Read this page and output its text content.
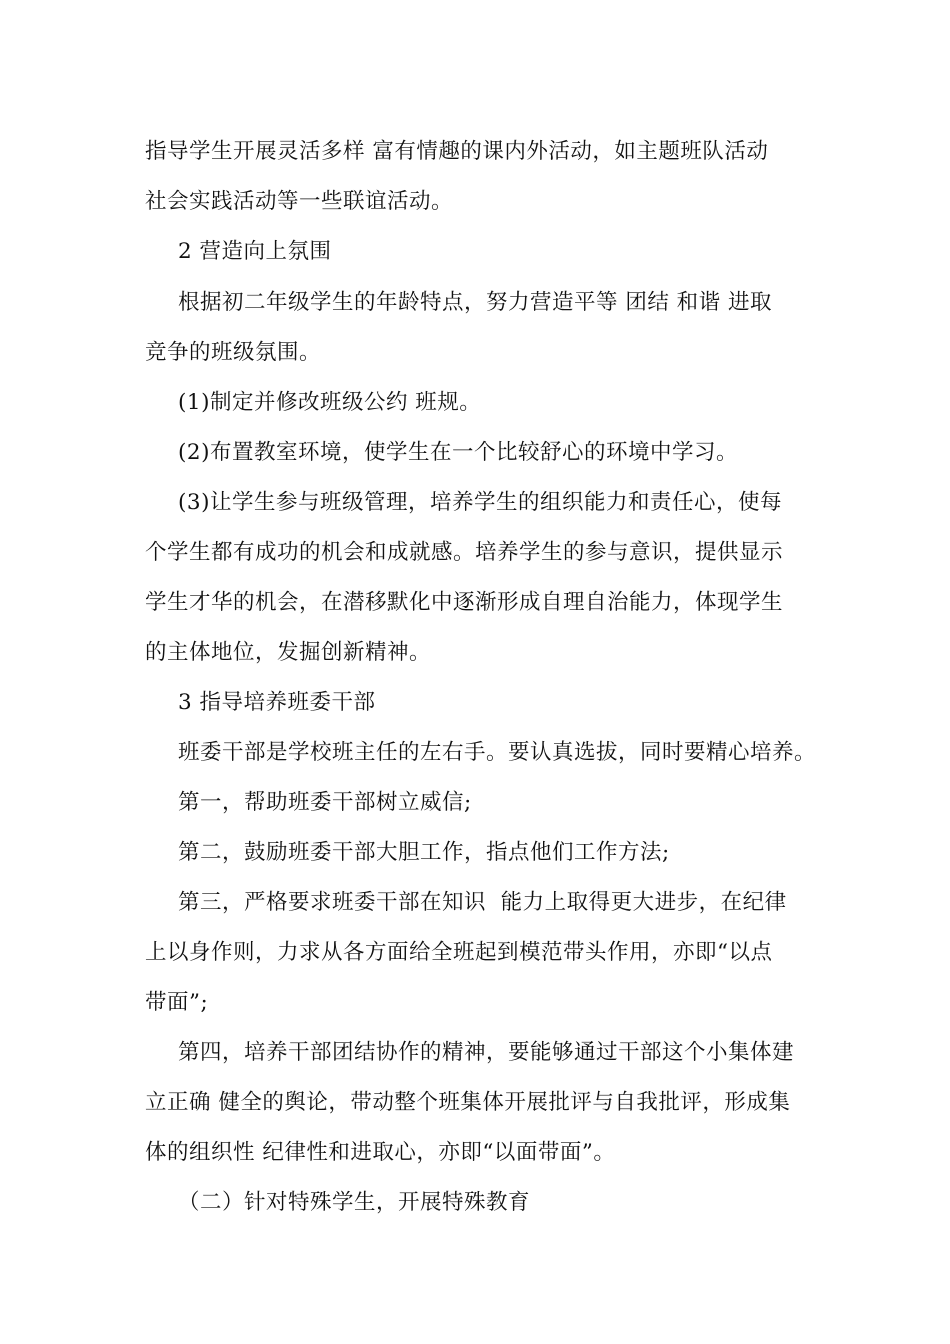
指导学生开展灵活多样 富有情趣的课内外活动，如主题班队活动
社会实践活动等一些联谊活动。
2 营造向上氛围
根据初二年级学生的年龄特点，努力营造平等 团结 和谐 进取
竞争的班级氛围。
(1)制定并修改班级公约 班规。
(2)布置教室环境，使学生在一个比较舒心的环境中学习。
(3)让学生参与班级管理，培养学生的组织能力和责任心，使每
个学生都有成功的机会和成就感。培养学生的参与意识，提供显示
学生才华的机会，在潜移默化中逐渐形成自理自治能力，体现学生
的主体地位，发掘创新精神。
3 指导培养班委干部
班委干部是学校班主任的左右手。要认真选拔，同时要精心培养。
第一，帮助班委干部树立威信;
第二，鼓励班委干部大胆工作，指点他们工作方法;
第三，严格要求班委干部在知识  能力上取得更大进步，在纪律
上以身作则，力求从各方面给全班起到模范带头作用，亦即“以点
带面”;
第四，培养干部团结协作的精神，要能够通过干部这个小集体建
立正确 健全的舆论，带动整个班集体开展批评与自我批评，形成集
体的组织性 纪律性和进取心，亦即“以面带面”。
（二）针对特殊学生，开展特殊教育
